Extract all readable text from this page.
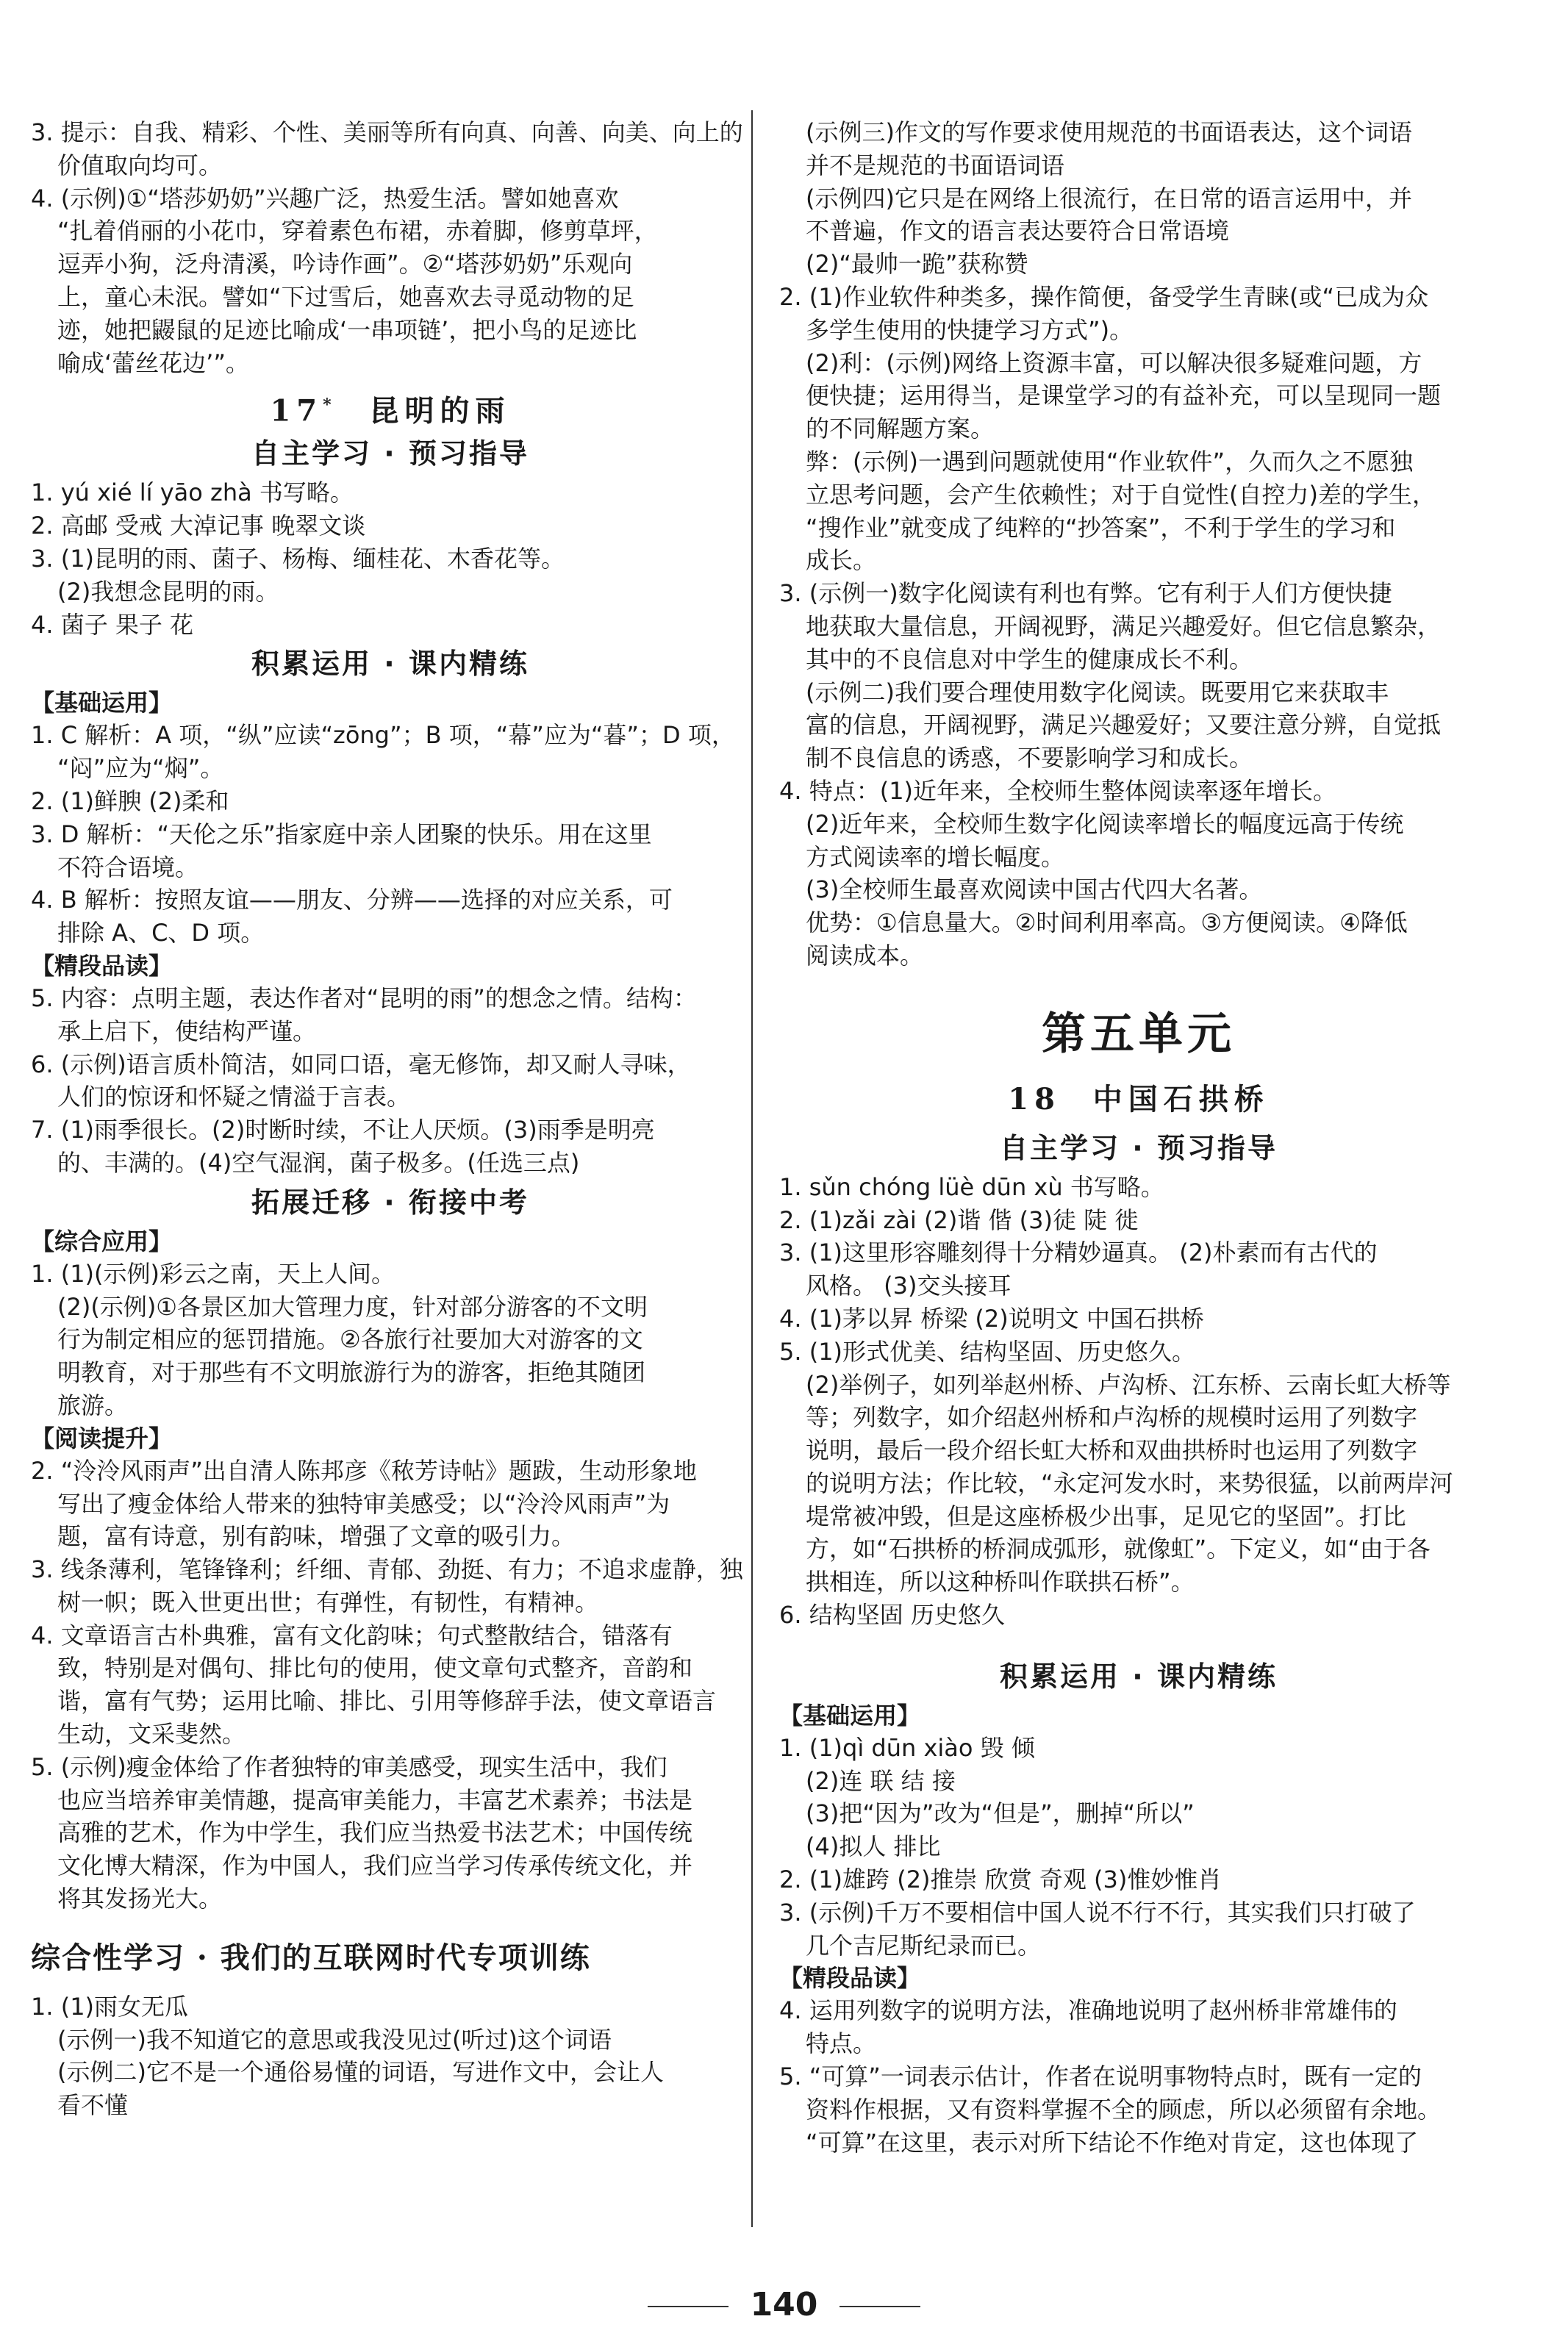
3. 提示：自我、精彩、个性、美丽等所有向真、向善、向美、向上的
价值取向均可。
4. (示例)①“塔莎奶奶”兴趣广泛，热爱生活。譬如她喜欢
“扎着俏丽的小花巾，穿着素色布裙，赤着脚，修剪草坪，
逗弄小狗，泛舟清溪，吟诗作画”。②“塔莎奶奶”乐观向
上，童心未泯。譬如“下过雪后，她喜欢去寻觅动物的足
迹，她把鼹鼠的足迹比喻成‘一串项链’，把小鸟的足迹比
喻成‘蕾丝花边’”。
17* 昆明的雨
自主学习 · 预习指导
1. yú xié lí yāo zhà 书写略。
2. 高邮 受戒 大淖记事 晚翠文谈
3. (1)昆明的雨、菌子、杨梅、缅桂花、木香花等。
(2)我想念昆明的雨。
4. 菌子 果子 花
积累运用 · 课内精练
【基础运用】
1. C 解析：A 项，“纵”应读“zōng”；B 项，“幕”应为“暮”；D 项，
“闷”应为“焖”。
2. (1)鲜腴 (2)柔和
3. D 解析：“天伦之乐”指家庭中亲人团聚的快乐。用在这里
不符合语境。
4. B 解析：按照友谊——朋友、分辨——选择的对应关系，可
排除 A、C、D 项。
【精段品读】
5. 内容：点明主题，表达作者对“昆明的雨”的想念之情。结构：
承上启下，使结构严谨。
6. (示例)语言质朴简洁，如同口语，毫无修饰，却又耐人寻味，
人们的惊讶和怀疑之情溢于言表。
7. (1)雨季很长。(2)时断时续，不让人厌烦。(3)雨季是明亮
的、丰满的。(4)空气湿润，菌子极多。(任选三点)
拓展迁移 · 衔接中考
【综合应用】
1. (1)(示例)彩云之南，天上人间。
(2)(示例)①各景区加大管理力度，针对部分游客的不文明
行为制定相应的惩罚措施。②各旅行社要加大对游客的文
明教育，对于那些有不文明旅游行为的游客，拒绝其随团
旅游。
【阅读提升】
2. “泠泠风雨声”出自清人陈邦彦《秾芳诗帖》题跋，生动形象地
写出了瘦金体给人带来的独特审美感受；以“泠泠风雨声”为
题，富有诗意，别有韵味，增强了文章的吸引力。
3. 线条薄利，笔锋锋利；纤细、青郁、劲挺、有力；不追求虚静，独
树一帜；既入世更出世；有弹性，有韧性，有精神。
4. 文章语言古朴典雅，富有文化韵味；句式整散结合，错落有
致，特别是对偶句、排比句的使用，使文章句式整齐，音韵和
谐，富有气势；运用比喻、排比、引用等修辞手法，使文章语言
生动，文采斐然。
5. (示例)瘦金体给了作者独特的审美感受，现实生活中，我们
也应当培养审美情趣，提高审美能力，丰富艺术素养；书法是
高雅的艺术，作为中学生，我们应当热爱书法艺术；中国传统
文化博大精深，作为中国人，我们应当学习传承传统文化，并
将其发扬光大。
综合性学习 · 我们的互联网时代专项训练
1. (1)雨女无瓜
(示例一)我不知道它的意思或我没见过(听过)这个词语
(示例二)它不是一个通俗易懂的词语，写进作文中，会让人
看不懂
(示例三)作文的写作要求使用规范的书面语表达，这个词语
并不是规范的书面语词语
(示例四)它只是在网络上很流行，在日常的语言运用中，并
不普遍，作文的语言表达要符合日常语境
(2)“最帅一跪”获称赞
2. (1)作业软件种类多，操作简便，备受学生青睐(或“已成为众
多学生使用的快捷学习方式”)。
(2)利：(示例)网络上资源丰富，可以解决很多疑难问题，方
便快捷；运用得当，是课堂学习的有益补充，可以呈现同一题
的不同解题方案。
弊：(示例)一遇到问题就使用“作业软件”，久而久之不愿独
立思考问题，会产生依赖性；对于自觉性(自控力)差的学生，
“搜作业”就变成了纯粹的“抄答案”，不利于学生的学习和
成长。
3. (示例一)数字化阅读有利也有弊。它有利于人们方便快捷
地获取大量信息，开阔视野，满足兴趣爱好。但它信息繁杂，
其中的不良信息对中学生的健康成长不利。
(示例二)我们要合理使用数字化阅读。既要用它来获取丰
富的信息，开阔视野，满足兴趣爱好；又要注意分辨，自觉抵
制不良信息的诱惑，不要影响学习和成长。
4. 特点：(1)近年来，全校师生整体阅读率逐年增长。
(2)近年来，全校师生数字化阅读率增长的幅度远高于传统
方式阅读率的增长幅度。
(3)全校师生最喜欢阅读中国古代四大名著。
优势：①信息量大。②时间利用率高。③方便阅读。④降低
阅读成本。
第五单元
18 中国石拱桥
自主学习 · 预习指导
1. sǔn chóng lüè dūn xù 书写略。
2. (1)zǎi zài (2)谐 偕 (3)徒 陡 徙
3. (1)这里形容雕刻得十分精妙逼真。 (2)朴素而有古代的
风格。 (3)交头接耳
4. (1)茅以昇 桥梁 (2)说明文 中国石拱桥
5. (1)形式优美、结构坚固、历史悠久。
(2)举例子，如列举赵州桥、卢沟桥、江东桥、云南长虹大桥等
等；列数字，如介绍赵州桥和卢沟桥的规模时运用了列数字
说明，最后一段介绍长虹大桥和双曲拱桥时也运用了列数字
的说明方法；作比较，“永定河发水时，来势很猛，以前两岸河
堤常被冲毁，但是这座桥极少出事，足见它的坚固”。打比
方，如“石拱桥的桥洞成弧形，就像虹”。下定义，如“由于各
拱相连，所以这种桥叫作联拱石桥”。
6. 结构坚固 历史悠久
积累运用 · 课内精练
【基础运用】
1. (1)qì dūn xiào 毁 倾
(2)连 联 结 接
(3)把“因为”改为“但是”，删掉“所以”
(4)拟人 排比
2. (1)雄跨 (2)推崇 欣赏 奇观 (3)惟妙惟肖
3. (示例)千万不要相信中国人说不行不行，其实我们只打破了
几个吉尼斯纪录而已。
【精段品读】
4. 运用列数字的说明方法，准确地说明了赵州桥非常雄伟的
特点。
5. “可算”一词表示估计，作者在说明事物特点时，既有一定的
资料作根据，又有资料掌握不全的顾虑，所以必须留有余地。
“可算”在这里，表示对所下结论不作绝对肯定，这也体现了
140
